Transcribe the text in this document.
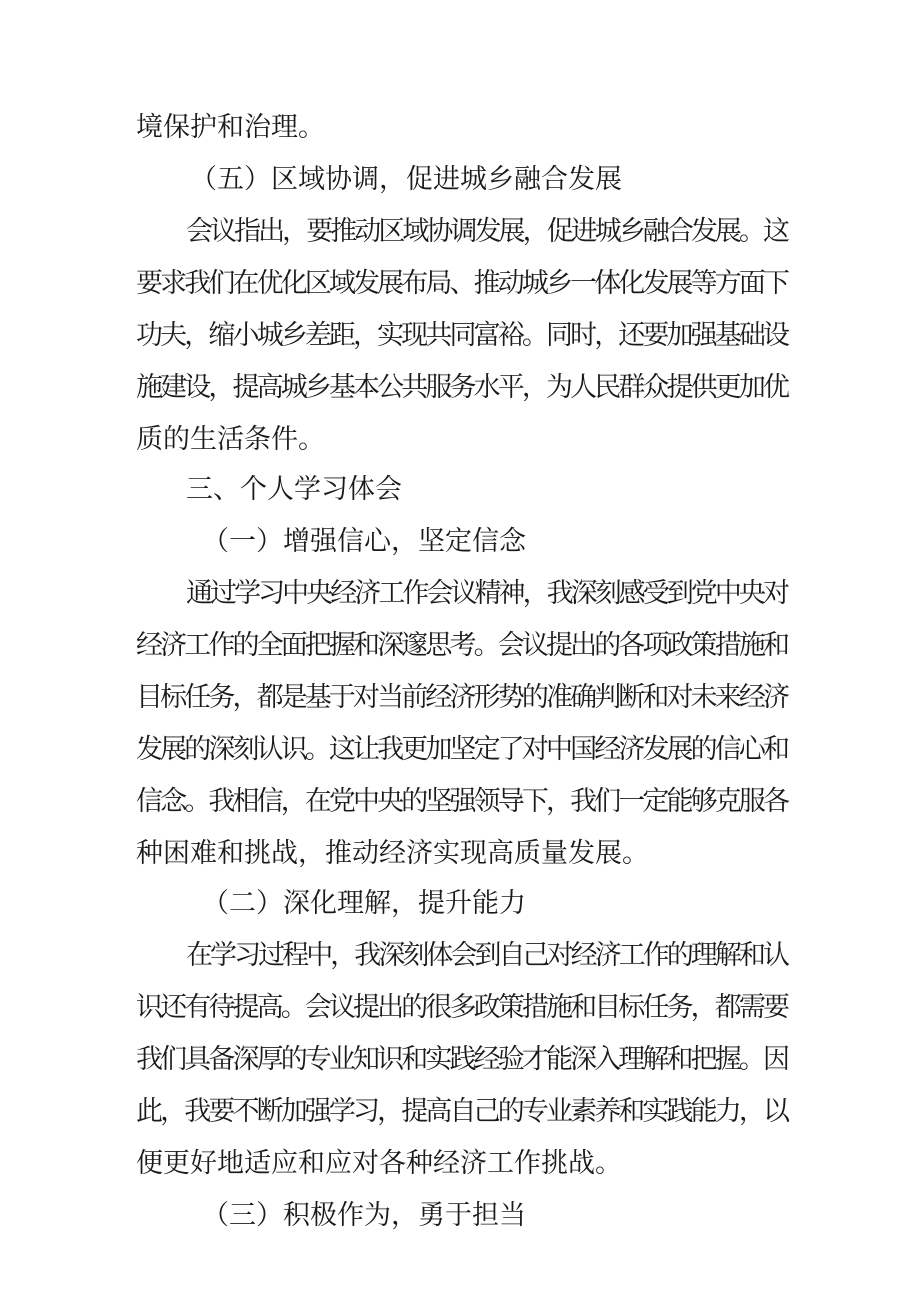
境保护和治理。
（五）区域协调，促进城乡融合发展
会议指出，要推动区域协调发展，促进城乡融合发展。这
要求我们在优化区域发展布局、推动城乡一体化发展等方面下
功夫，缩小城乡差距，实现共同富裕。同时，还要加强基础设
施建设，提高城乡基本公共服务水平，为人民群众提供更加优
质的生活条件。
三、个人学习体会
（一）增强信心，坚定信念
通过学习中央经济工作会议精神，我深刻感受到党中央对
经济工作的全面把握和深邃思考。会议提出的各项政策措施和
目标任务，都是基于对当前经济形势的准确判断和对未来经济
发展的深刻认识。这让我更加坚定了对中国经济发展的信心和
信念。我相信，在党中央的坚强领导下，我们一定能够克服各
种困难和挑战，推动经济实现高质量发展。
（二）深化理解，提升能力
在学习过程中，我深刻体会到自己对经济工作的理解和认
识还有待提高。会议提出的很多政策措施和目标任务，都需要
我们具备深厚的专业知识和实践经验才能深入理解和把握。因
此，我要不断加强学习，提高自己的专业素养和实践能力，以
便更好地适应和应对各种经济工作挑战。
（三）积极作为，勇于担当
